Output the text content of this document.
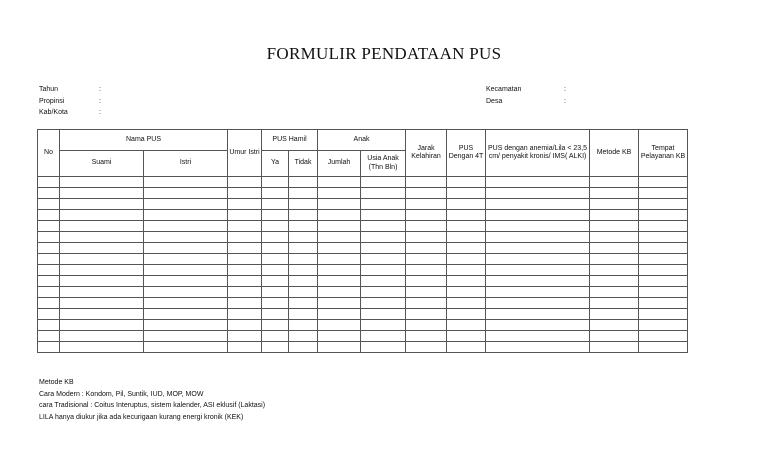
FORMULIR PENDATAAN PUS
Tahun	:
Propinsi	:
Kab/Kota	:
Kecamatan	:
Desa	:
No	Nama PUS		Umur Istri	PUS Hamil		Anak		Jarak Kelahiran	PUS Dengan 4T	PUS dengan anemia/Lila < 23,5 cm/ penyakit kronis/ IMS( ALKI)	Metode KB	Tempat Pelayanan KB
	Suami	Istri		Ya	Tidak	Jumlah	Usia Anak (Thn Bln)					

Metode KB
Cara Modern : Kondom, Pil, Suntik, IUD, MOP, MOW
cara Tradisional : Coitus Interuptus, sistem kalender, ASI eklusif (Laktasi)
LILA hanya diukur jika ada kecurigaan kurang energi kronik (KEK)
